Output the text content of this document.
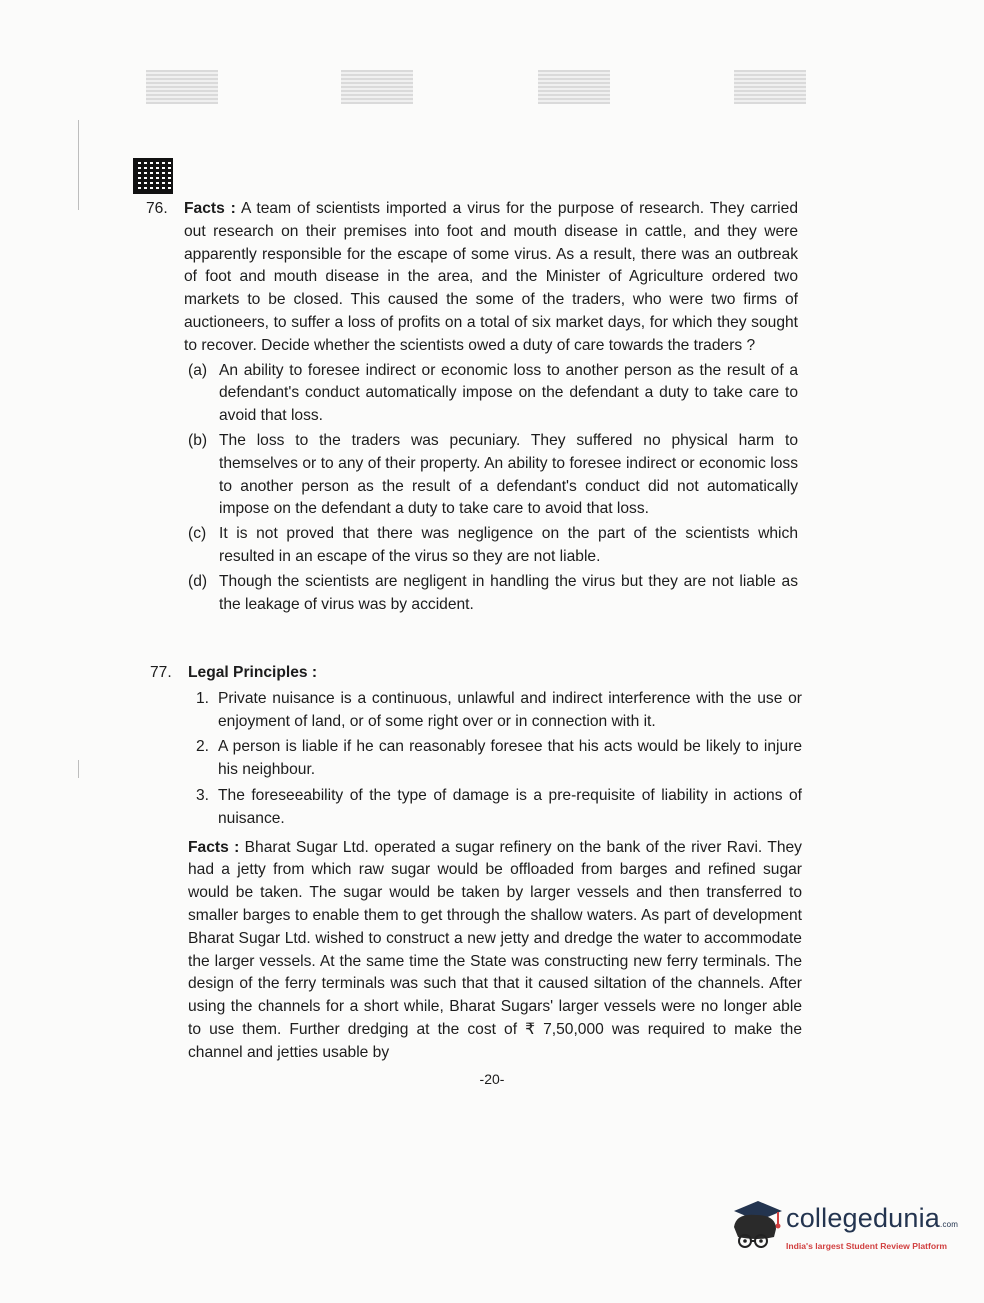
76. Facts : A team of scientists imported a virus for the purpose of research. They carried out research on their premises into foot and mouth disease in cattle, and they were apparently responsible for the escape of some virus. As a result, there was an outbreak of foot and mouth disease in the area, and the Minister of Agriculture ordered two markets to be closed. This caused the some of the traders, who were two firms of auctioneers, to suffer a loss of profits on a total of six market days, for which they sought to recover. Decide whether the scientists owed a duty of care towards the traders ?
(a) An ability to foresee indirect or economic loss to another person as the result of a defendant's conduct automatically impose on the defendant a duty to take care to avoid that loss.
(b) The loss to the traders was pecuniary. They suffered no physical harm to themselves or to any of their property. An ability to foresee indirect or economic loss to another person as the result of a defendant's conduct did not automatically impose on the defendant a duty to take care to avoid that loss.
(c) It is not proved that there was negligence on the part of the scientists which resulted in an escape of the virus so they are not liable.
(d) Though the scientists are negligent in handling the virus but they are not liable as the leakage of virus was by accident.
77. Legal Principles :
1. Private nuisance is a continuous, unlawful and indirect interference with the use or enjoyment of land, or of some right over or in connection with it.
2. A person is liable if he can reasonably foresee that his acts would be likely to injure his neighbour.
3. The foreseeability of the type of damage is a pre-requisite of liability in actions of nuisance.
Facts : Bharat Sugar Ltd. operated a sugar refinery on the bank of the river Ravi. They had a jetty from which raw sugar would be offloaded from barges and refined sugar would be taken. The sugar would be taken by larger vessels and then transferred to smaller barges to enable them to get through the shallow waters. As part of development Bharat Sugar Ltd. wished to construct a new jetty and dredge the water to accommodate the larger vessels. At the same time the State was constructing new ferry terminals. The design of the ferry terminals was such that that it caused siltation of the channels. After using the channels for a short while, Bharat Sugars' larger vessels were no longer able to use them. Further dredging at the cost of ₹ 7,50,000 was required to make the channel and jetties usable by
-20-
collegedunia.com
India's largest Student Review Platform
